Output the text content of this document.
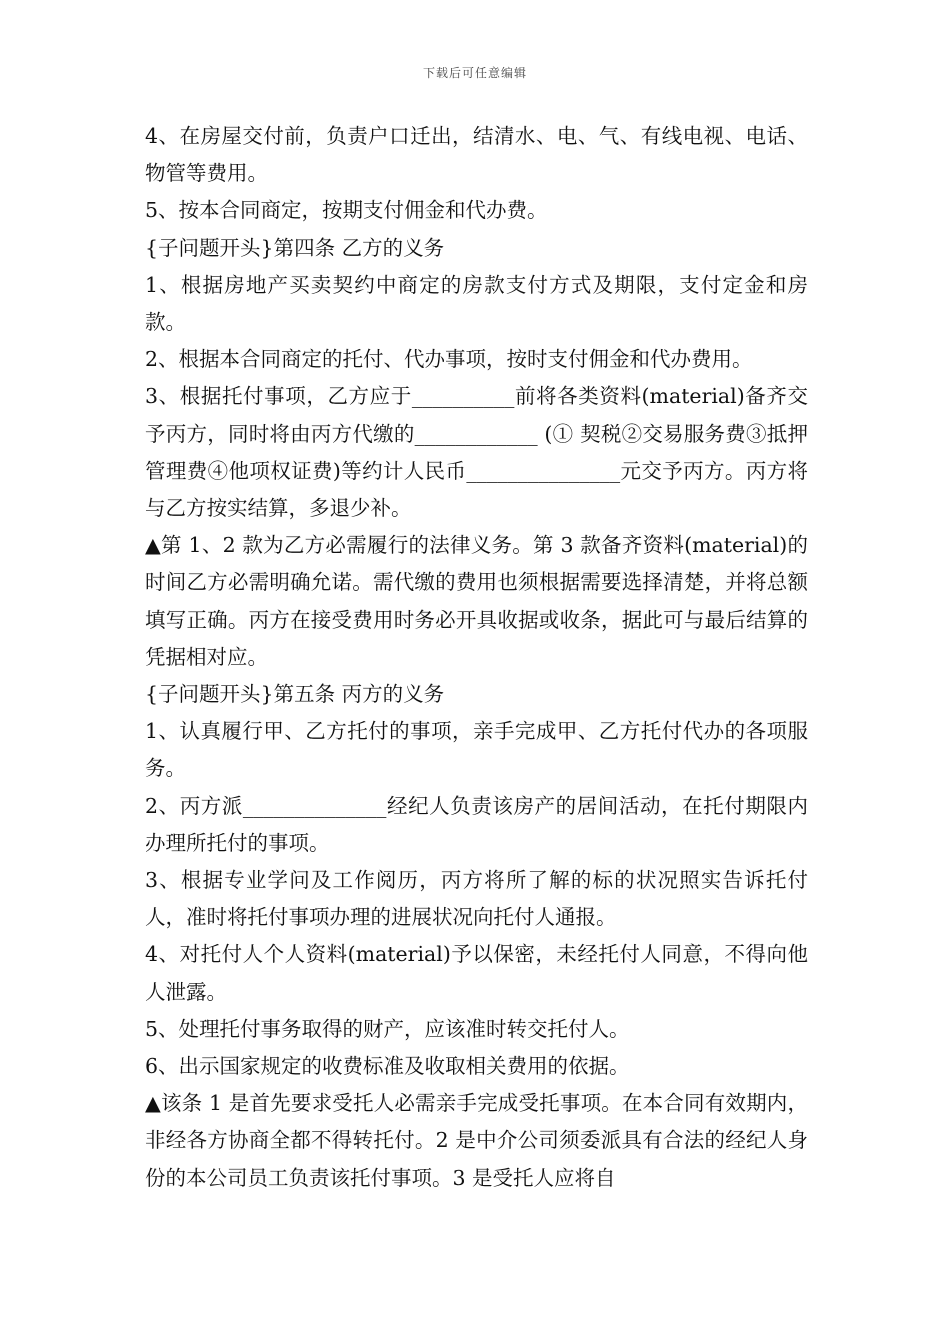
下载后可任意编辑

4、在房屋交付前，负责户口迁出，结清水、电、气、有线电视、电话、物管等费用。

5、按本合同商定，按期支付佣金和代办费。

{子问题开头}第四条 乙方的义务

1、根据房地产买卖契约中商定的房款支付方式及期限，支付定金和房款。

2、根据本合同商定的托付、代办事项，按时支付佣金和代办费用。

3、根据托付事项，乙方应于__________前将各类资料(material)备齐交予丙方，同时将由丙方代缴的____________ (① 契税②交易服务费③抵押管理费④他项权证费)等约计人民币_______________元交予丙方。丙方将与乙方按实结算，多退少补。

▲第 1、2 款为乙方必需履行的法律义务。第 3 款备齐资料(material)的时间乙方必需明确允诺。需代缴的费用也须根据需要选择清楚，并将总额填写正确。丙方在接受费用时务必开具收据或收条，据此可与最后结算的凭据相对应。

{子问题开头}第五条 丙方的义务

1、认真履行甲、乙方托付的事项，亲手完成甲、乙方托付代办的各项服务。

2、丙方派______________经纪人负责该房产的居间活动，在托付期限内办理所托付的事项。

3、根据专业学问及工作阅历，丙方将所了解的标的状况照实告诉托付人，准时将托付事项办理的进展状况向托付人通报。

4、对托付人个人资料(material)予以保密，未经托付人同意，不得向他人泄露。

5、处理托付事务取得的财产，应该准时转交托付人。

6、出示国家规定的收费标准及收取相关费用的依据。

▲该条 1 是首先要求受托人必需亲手完成受托事项。在本合同有效期内，非经各方协商全都不得转托付。2 是中介公司须委派具有合法的经纪人身份的本公司员工负责该托付事项。3 是受托人应将自
